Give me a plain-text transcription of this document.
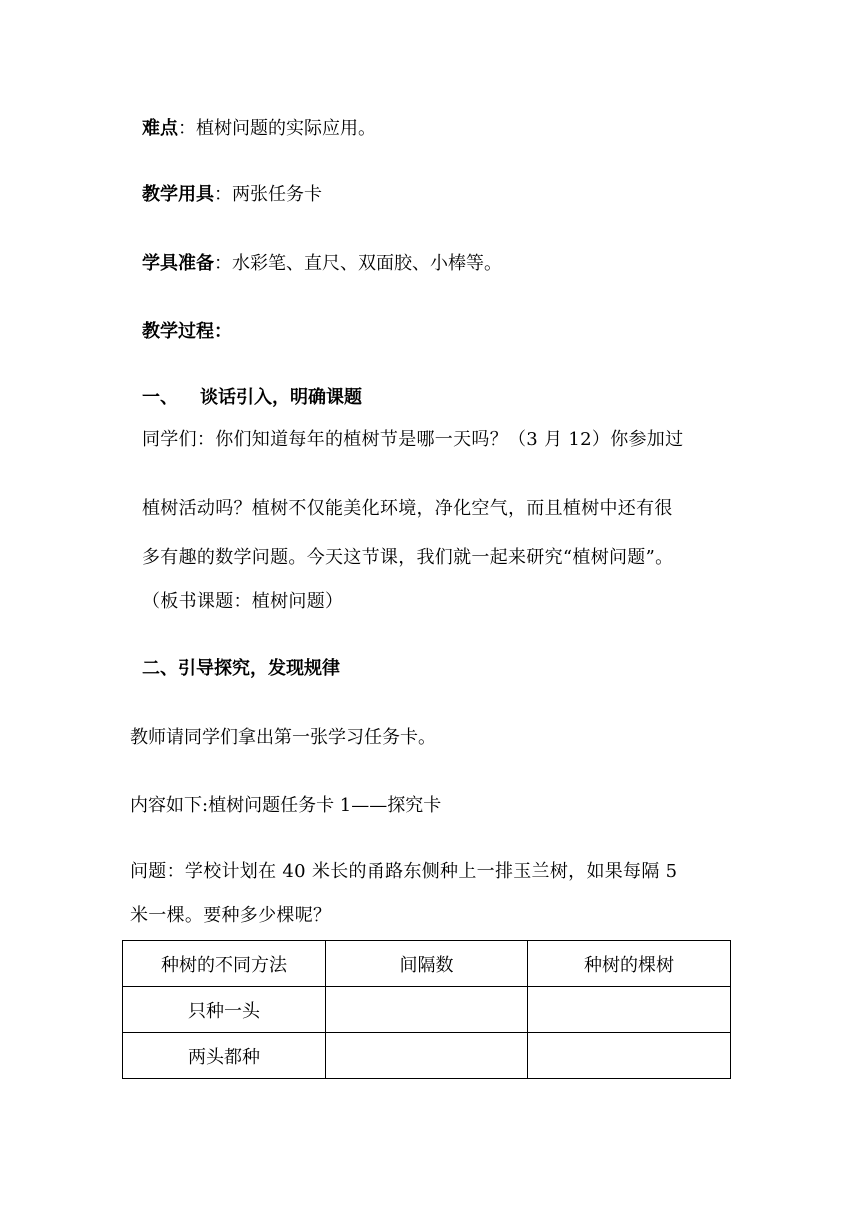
难点：植树问题的实际应用。
教学用具：两张任务卡
学具准备：水彩笔、直尺、双面胶、小棒等。
教学过程：
一、 谈话引入，明确课题
同学们：你们知道每年的植树节是哪一天吗？（3 月 12）你参加过
植树活动吗？植树不仅能美化环境，净化空气，而且植树中还有很
多有趣的数学问题。今天这节课，我们就一起来研究“植树问题”。
（板书课题：植树问题）
二、引导探究，发现规律
教师请同学们拿出第一张学习任务卡。
内容如下:植树问题任务卡 1——探究卡
问题：学校计划在 40 米长的甬路东侧种上一排玉兰树，如果每隔 5
米一棵。要种多少棵呢？
种树的不同方法	间隔数	种树的棵树
只种一头		
两头都种		
